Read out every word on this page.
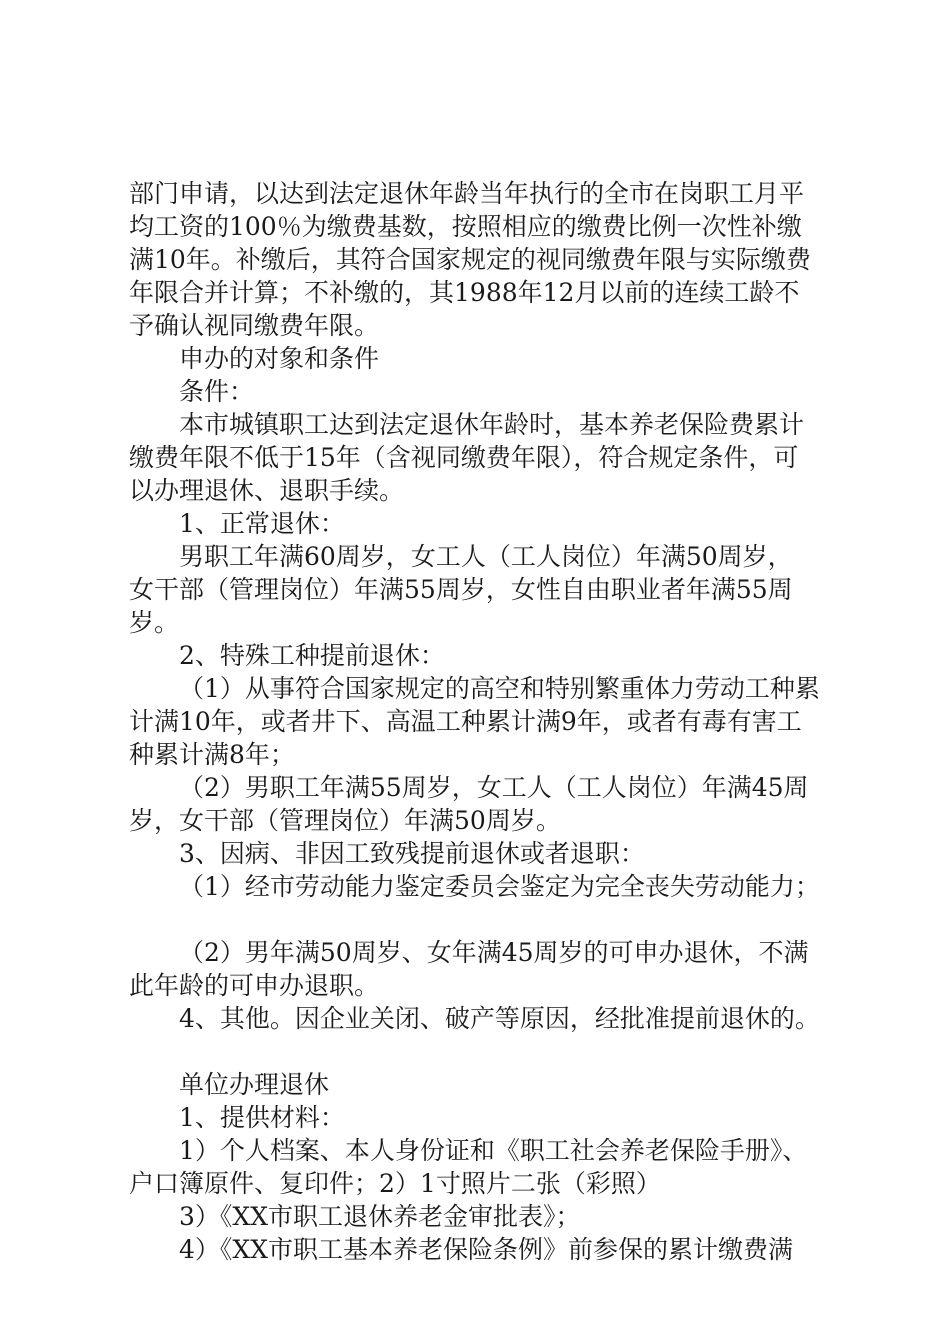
部门申请，以达到法定退休年龄当年执行的全市在岗职工月平
均工资的100％为缴费基数，按照相应的缴费比例一次性补缴
满10年。补缴后，其符合国家规定的视同缴费年限与实际缴费
年限合并计算；不补缴的，其1988年12月以前的连续工龄不
予确认视同缴费年限。
申办的对象和条件
条件：
本市城镇职工达到法定退休年龄时，基本养老保险费累计
缴费年限不低于15年（含视同缴费年限），符合规定条件，可
以办理退休、退职手续。
1、正常退休：
男职工年满60周岁，女工人（工人岗位）年满50周岁，
女干部（管理岗位）年满55周岁，女性自由职业者年满55周
岁。
2、特殊工种提前退休：
（1）从事符合国家规定的高空和特别繁重体力劳动工种累
计满10年，或者井下、高温工种累计满9年，或者有毒有害工
种累计满8年；
（2）男职工年满55周岁，女工人（工人岗位）年满45周
岁，女干部（管理岗位）年满50周岁。
3、因病、非因工致残提前退休或者退职：
（1）经市劳动能力鉴定委员会鉴定为完全丧失劳动能力；
（2）男年满50周岁、女年满45周岁的可申办退休，不满
此年龄的可申办退职。
4、其他。因企业关闭、破产等原因，经批准提前退休的。
单位办理退休
1、提供材料：
1）个人档案、本人身份证和《职工社会养老保险手册》、
户口簿原件、复印件；2）1寸照片二张（彩照）
3）《XX市职工退休养老金审批表》；
4）《XX市职工基本养老保险条例》前参保的累计缴费满
